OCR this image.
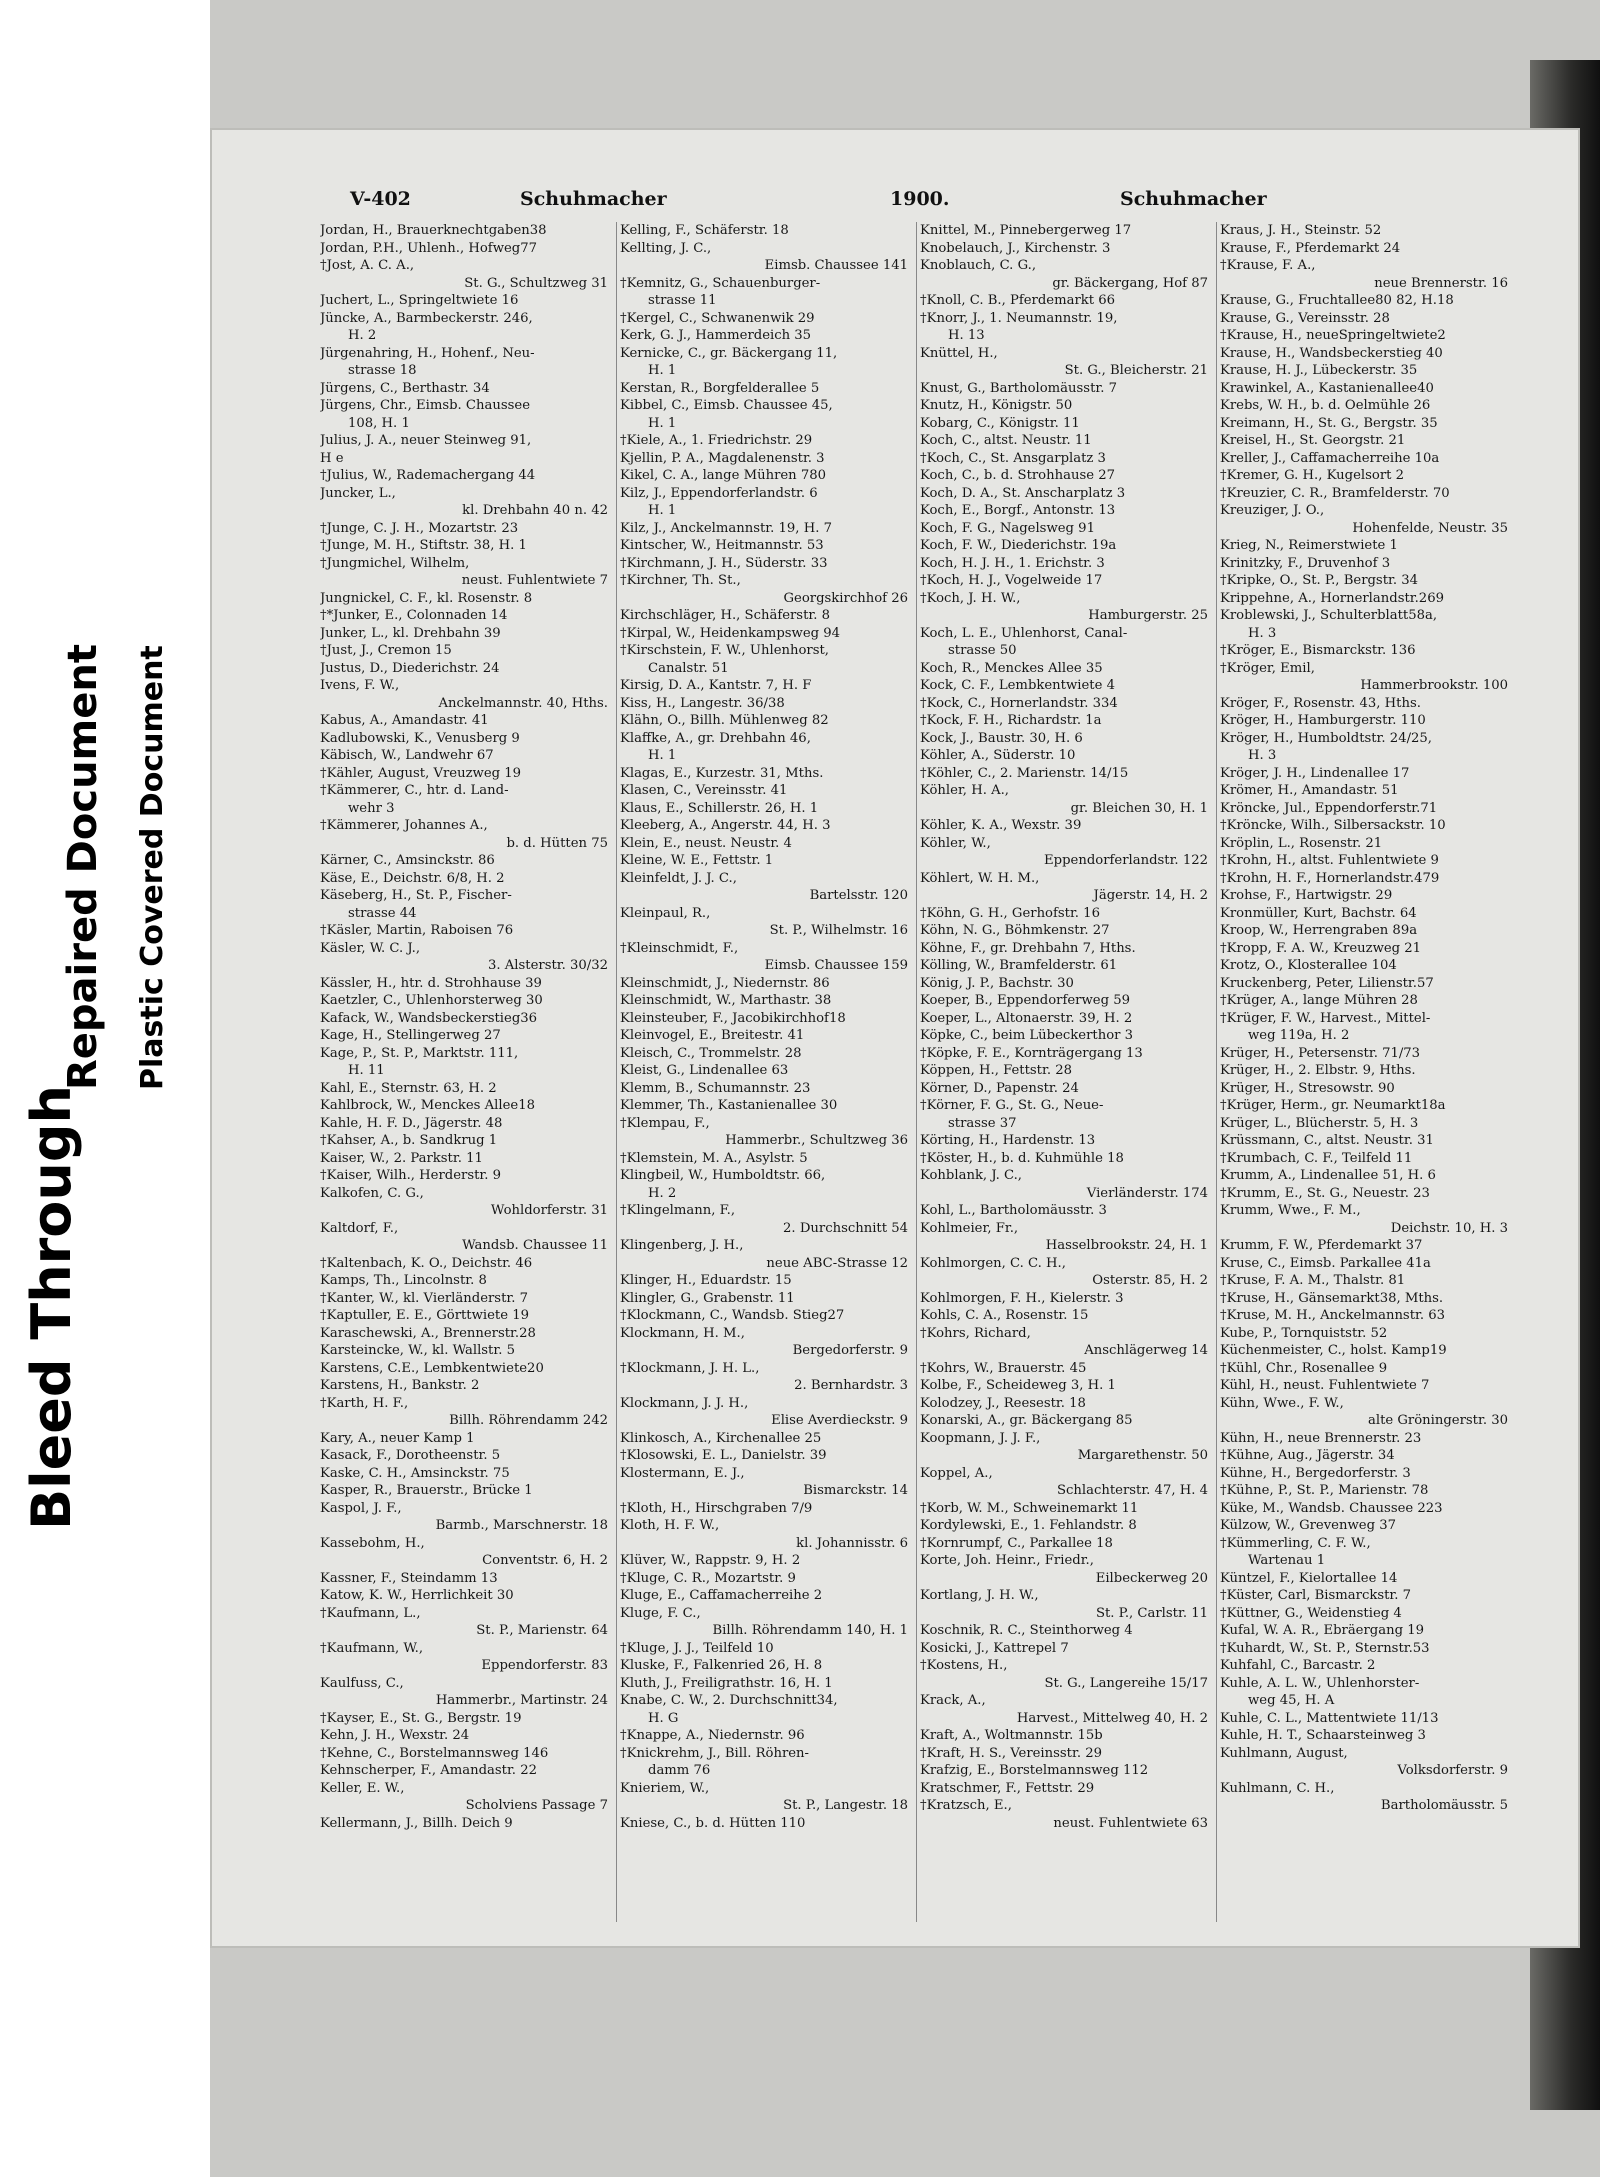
Bleed Through
Repaired Document Plastic Covered Document
V-402	Schuhmacher	1900.	Schuhmacher
Jordan, H., Brauerknechtgaben38
Jordan, P.H., Uhlenh., Hofweg77
†Jost, A. C. A.,
St. G., Schultzweg 31
Juchert, L., Springeltwiete 16
Jüncke, A., Barmbeckerstr. 246,
H. 2
Jürgenahring, H., Hohenf., Neu-
strasse 18
Jürgens, C., Berthastr. 34
Jürgens, Chr., Eimsb. Chaussee
108, H. 1
Julius, J. A., neuer Steinweg 91,
H e
†Julius, W., Rademachergang 44
Juncker, L.,
kl. Drehbahn 40 n. 42
†Junge, C. J. H., Mozartstr. 23
†Junge, M. H., Stiftstr. 38, H. 1
†Jungmichel, Wilhelm,
neust. Fuhlentwiete 7
Jungnickel, C. F., kl. Rosenstr. 8
†*Junker, E., Colonnaden 14
Junker, L., kl. Drehbahn 39
†Just, J., Cremon 15
Justus, D., Diederichstr. 24
Ivens, F. W.,
Anckelmannstr. 40, Hths.
Kabus, A., Amandastr. 41
Kadlubowski, K., Venusberg 9
Käbisch, W., Landwehr 67
†Kähler, August, Vreuzweg 19
†Kämmerer, C., htr. d. Land-
wehr 3
†Kämmerer, Johannes A.,
b. d. Hütten 75
Kärner, C., Amsinckstr. 86
Käse, E., Deichstr. 6/8, H. 2
Käseberg, H., St. P., Fischer-
strasse 44
†Käsler, Martin, Raboisen 76
Käsler, W. C. J.,
3. Alsterstr. 30/32
Kässler, H., htr. d. Strohhause 39
Kaetzler, C., Uhlenhorsterweg 30
Kafack, W., Wandsbeckerstieg36
Kage, H., Stellingerweg 27
Kage, P., St. P., Marktstr. 111,
H. 11
Kahl, E., Sternstr. 63, H. 2
Kahlbrock, W., Menckes Allee18
Kahle, H. F. D., Jägerstr. 48
†Kahser, A., b. Sandkrug 1
Kaiser, W., 2. Parkstr. 11
†Kaiser, Wilh., Herderstr. 9
Kalkofen, C. G.,
Wohldorferstr. 31
Kaltdorf, F.,
Wandsb. Chaussee 11
†Kaltenbach, K. O., Deichstr. 46
Kamps, Th., Lincolnstr. 8
†Kanter, W., kl. Vierländerstr. 7
†Kaptuller, E. E., Görttwiete 19
Karaschewski, A., Brennerstr.28
Karsteincke, W., kl. Wallstr. 5
Karstens, C.E., Lembkentwiete20
Karstens, H., Bankstr. 2
†Karth, H. F.,
Billh. Röhrendamm 242
Kary, A., neuer Kamp 1
Kasack, F., Dorotheenstr. 5
Kaske, C. H., Amsinckstr. 75
Kasper, R., Brauerstr., Brücke 1
Kaspol, J. F.,
Barmb., Marschnerstr. 18
Kassebohm, H.,
Conventstr. 6, H. 2
Kassner, F., Steindamm 13
Katow, K. W., Herrlichkeit 30
†Kaufmann, L.,
St. P., Marienstr. 64
†Kaufmann, W.,
Eppendorferstr. 83
Kaulfuss, C.,
Hammerbr., Martinstr. 24
†Kayser, E., St. G., Bergstr. 19
Kehn, J. H., Wexstr. 24
†Kehne, C., Borstelmannsweg 146
Kehnscherper, F., Amandastr. 22
Keller, E. W.,
Scholviens Passage 7
Kellermann, J., Billh. Deich 9
Kelling, F., Schäferstr. 18
Kellting, J. C.,
Eimsb. Chaussee 141
†Kemnitz, G., Schauenburger-
strasse 11
†Kergel, C., Schwanenwik 29
Kerk, G. J., Hammerdeich 35
Kernicke, C., gr. Bäckergang 11,
H. 1
Kerstan, R., Borgfelderallee 5
Kibbel, C., Eimsb. Chaussee 45,
H. 1
†Kiele, A., 1. Friedrichstr. 29
Kjellin, P. A., Magdalenenstr. 3
Kikel, C. A., lange Mühren 780
Kilz, J., Eppendorferlandstr. 6
H. 1
Kilz, J., Anckelmannstr. 19, H. 7
Kintscher, W., Heitmannstr. 53
†Kirchmann, J. H., Süderstr. 33
†Kirchner, Th. St.,
Georgskirchhof 26
Kirchschläger, H., Schäferstr. 8
†Kirpal, W., Heidenkampsweg 94
†Kirschstein, F. W., Uhlenhorst,
Canalstr. 51
Kirsig, D. A., Kantstr. 7, H. F
Kiss, H., Langestr. 36/38
Klähn, O., Billh. Mühlenweg 82
Klaffke, A., gr. Drehbahn 46,
H. 1
Klagas, E., Kurzestr. 31, Mths.
Klasen, C., Vereinsstr. 41
Klaus, E., Schillerstr. 26, H. 1
Kleeberg, A., Angerstr. 44, H. 3
Klein, E., neust. Neustr. 4
Kleine, W. E., Fettstr. 1
Kleinfeldt, J. J. C.,
Bartelsstr. 120
Kleinpaul, R.,
St. P., Wilhelmstr. 16
†Kleinschmidt, F.,
Eimsb. Chaussee 159
Kleinschmidt, J., Niedernstr. 86
Kleinschmidt, W., Marthastr. 38
Kleinsteuber, F., Jacobikirchhof18
Kleinvogel, E., Breitestr. 41
Kleisch, C., Trommelstr. 28
Kleist, G., Lindenallee 63
Klemm, B., Schumannstr. 23
Klemmer, Th., Kastanienallee 30
†Klempau, F.,
Hammerbr., Schultzweg 36
†Klemstein, M. A., Asylstr. 5
Klingbeil, W., Humboldtstr. 66,
H. 2
†Klingelmann, F.,
2. Durchschnitt 54
Klingenberg, J. H.,
neue ABC-Strasse 12
Klinger, H., Eduardstr. 15
Klingler, G., Grabenstr. 11
†Klockmann, C., Wandsb. Stieg27
Klockmann, H. M.,
Bergedorferstr. 9
†Klockmann, J. H. L.,
2. Bernhardstr. 3
Klockmann, J. J. H.,
Elise Averdieckstr. 9
Klinkosch, A., Kirchenallee 25
†Klosowski, E. L., Danielstr. 39
Klostermann, E. J.,
Bismarckstr. 14
†Kloth, H., Hirschgraben 7/9
Kloth, H. F. W.,
kl. Johannisstr. 6
Klüver, W., Rappstr. 9, H. 2
†Kluge, C. R., Mozartstr. 9
Kluge, E., Caffamacherreihe 2
Kluge, F. C.,
Billh. Röhrendamm 140, H. 1
†Kluge, J. J., Teilfeld 10
Kluske, F., Falkenried 26, H. 8
Kluth, J., Freiligrathstr. 16, H. 1
Knabe, C. W., 2. Durchschnitt34,
H. G
†Knappe, A., Niedernstr. 96
†Knickrehm, J., Bill. Röhren-
damm 76
Knieriem, W.,
St. P., Langestr. 18
Kniese, C., b. d. Hütten 110
Knittel, M., Pinnebergerweg 17
Knobelauch, J., Kirchenstr. 3
Knoblauch, C. G.,
gr. Bäckergang, Hof 87
†Knoll, C. B., Pferdemarkt 66
†Knorr, J., 1. Neumannstr. 19,
H. 13
Knüttel, H.,
St. G., Bleicherstr. 21
Knust, G., Bartholomäusstr. 7
Knutz, H., Königstr. 50
Kobarg, C., Königstr. 11
Koch, C., altst. Neustr. 11
†Koch, C., St. Ansgarplatz 3
Koch, C., b. d. Strohhause 27
Koch, D. A., St. Anscharplatz 3
Koch, E., Borgf., Antonstr. 13
Koch, F. G., Nagelsweg 91
Koch, F. W., Diederichstr. 19a
Koch, H. J. H., 1. Erichstr. 3
†Koch, H. J., Vogelweide 17
†Koch, J. H. W.,
Hamburgerstr. 25
Koch, L. E., Uhlenhorst, Canal-
strasse 50
Koch, R., Menckes Allee 35
Kock, C. F., Lembkentwiete 4
†Kock, C., Hornerlandstr. 334
†Kock, F. H., Richardstr. 1a
Kock, J., Baustr. 30, H. 6
Köhler, A., Süderstr. 10
†Köhler, C., 2. Marienstr. 14/15
Köhler, H. A.,
gr. Bleichen 30, H. 1
Köhler, K. A., Wexstr. 39
Köhler, W.,
Eppendorferlandstr. 122
Köhlert, W. H. M.,
Jägerstr. 14, H. 2
†Köhn, G. H., Gerhofstr. 16
Köhn, N. G., Böhmkenstr. 27
Köhne, F., gr. Drehbahn 7, Hths.
Kölling, W., Bramfelderstr. 61
König, J. P., Bachstr. 30
Koeper, B., Eppendorferweg 59
Koeper, L., Altonaerstr. 39, H. 2
Köpke, C., beim Lübeckerthor 3
†Köpke, F. E., Kornträgergang 13
Köppen, H., Fettstr. 28
Körner, D., Papenstr. 24
†Körner, F. G., St. G., Neue-
strasse 37
Körting, H., Hardenstr. 13
†Köster, H., b. d. Kuhmühle 18
Kohblank, J. C.,
Vierländerstr. 174
Kohl, L., Bartholomäusstr. 3
Kohlmeier, Fr.,
Hasselbrookstr. 24, H. 1
Kohlmorgen, C. C. H.,
Osterstr. 85, H. 2
Kohlmorgen, F. H., Kielerstr. 3
Kohls, C. A., Rosenstr. 15
†Kohrs, Richard,
Anschlägerweg 14
†Kohrs, W., Brauerstr. 45
Kolbe, F., Scheideweg 3, H. 1
Kolodzey, J., Reesestr. 18
Konarski, A., gr. Bäckergang 85
Koopmann, J. J. F.,
Margarethenstr. 50
Koppel, A.,
Schlachterstr. 47, H. 4
†Korb, W. M., Schweinemarkt 11
Kordylewski, E., 1. Fehlandstr. 8
†Kornrumpf, C., Parkallee 18
Korte, Joh. Heinr., Friedr.,
Eilbeckerweg 20
Kortlang, J. H. W.,
St. P., Carlstr. 11
Koschnik, R. C., Steinthorweg 4
Kosicki, J., Kattrepel 7
†Kostens, H.,
St. G., Langereihe 15/17
Krack, A.,
Harvest., Mittelweg 40, H. 2
Kraft, A., Woltmannstr. 15b
†Kraft, H. S., Vereinsstr. 29
Krafzig, E., Borstelmannsweg 112
Kratschmer, F., Fettstr. 29
†Kratzsch, E.,
neust. Fuhlentwiete 63
Kraus, J. H., Steinstr. 52
Krause, F., Pferdemarkt 24
†Krause, F. A.,
neue Brennerstr. 16
Krause, G., Fruchtallee80 82, H.18
Krause, G., Vereinsstr. 28
†Krause, H., neueSpringeltwiete2
Krause, H., Wandsbeckerstieg 40
Krause, H. J., Lübeckerstr. 35
Krawinkel, A., Kastanienallee40
Krebs, W. H., b. d. Oelmühle 26
Kreimann, H., St. G., Bergstr. 35
Kreisel, H., St. Georgstr. 21
Kreller, J., Caffamacherreihe 10a
†Kremer, G. H., Kugelsort 2
†Kreuzier, C. R., Bramfelderstr. 70
Kreuziger, J. O.,
Hohenfelde, Neustr. 35
Krieg, N., Reimerstwiete 1
Krinitzky, F., Druvenhof 3
†Kripke, O., St. P., Bergstr. 34
Krippehne, A., Hornerlandstr.269
Kroblewski, J., Schulterblatt58a,
H. 3
†Kröger, E., Bismarckstr. 136
†Kröger, Emil,
Hammerbrookstr. 100
Kröger, F., Rosenstr. 43, Hths.
Kröger, H., Hamburgerstr. 110
Kröger, H., Humboldtstr. 24/25,
H. 3
Kröger, J. H., Lindenallee 17
Krömer, H., Amandastr. 51
Kröncke, Jul., Eppendorferstr.71
†Kröncke, Wilh., Silbersackstr. 10
Kröplin, L., Rosenstr. 21
†Krohn, H., altst. Fuhlentwiete 9
†Krohn, H. F., Hornerlandstr.479
Krohse, F., Hartwigstr. 29
Kronmüller, Kurt, Bachstr. 64
Kroop, W., Herrengraben 89a
†Kropp, F. A. W., Kreuzweg 21
Krotz, O., Klosterallee 104
Kruckenberg, Peter, Lilienstr.57
†Krüger, A., lange Mühren 28
†Krüger, F. W., Harvest., Mittel-
weg 119a, H. 2
Krüger, H., Petersenstr. 71/73
Krüger, H., 2. Elbstr. 9, Hths.
Krüger, H., Stresowstr. 90
†Krüger, Herm., gr. Neumarkt18a
Krüger, L., Blücherstr. 5, H. 3
Krüssmann, C., altst. Neustr. 31
†Krumbach, C. F., Teilfeld 11
Krumm, A., Lindenallee 51, H. 6
†Krumm, E., St. G., Neuestr. 23
Krumm, Wwe., F. M.,
Deichstr. 10, H. 3
Krumm, F. W., Pferdemarkt 37
Kruse, C., Eimsb. Parkallee 41a
†Kruse, F. A. M., Thalstr. 81
†Kruse, H., Gänsemarkt38, Mths.
†Kruse, M. H., Anckelmannstr. 63
Kube, P., Tornquiststr. 52
Küchenmeister, C., holst. Kamp19
†Kühl, Chr., Rosenallee 9
Kühl, H., neust. Fuhlentwiete 7
Kühn, Wwe., F. W.,
alte Gröningerstr. 30
Kühn, H., neue Brennerstr. 23
†Kühne, Aug., Jägerstr. 34
Kühne, H., Bergedorferstr. 3
†Kühne, P., St. P., Marienstr. 78
Küke, M., Wandsb. Chaussee 223
Külzow, W., Grevenweg 37
†Kümmerling, C. F. W.,
Wartenau 1
Küntzel, F., Kielortallee 14
†Küster, Carl, Bismarckstr. 7
†Küttner, G., Weidenstieg 4
Kufal, W. A. R., Ebräergang 19
†Kuhardt, W., St. P., Sternstr.53
Kuhfahl, C., Barcastr. 2
Kuhle, A. L. W., Uhlenhorster-
weg 45, H. A
Kuhle, C. L., Mattentwiete 11/13
Kuhle, H. T., Schaarsteinweg 3
Kuhlmann, August,
Volksdorferstr. 9
Kuhlmann, C. H.,
Bartholomäusstr. 5
